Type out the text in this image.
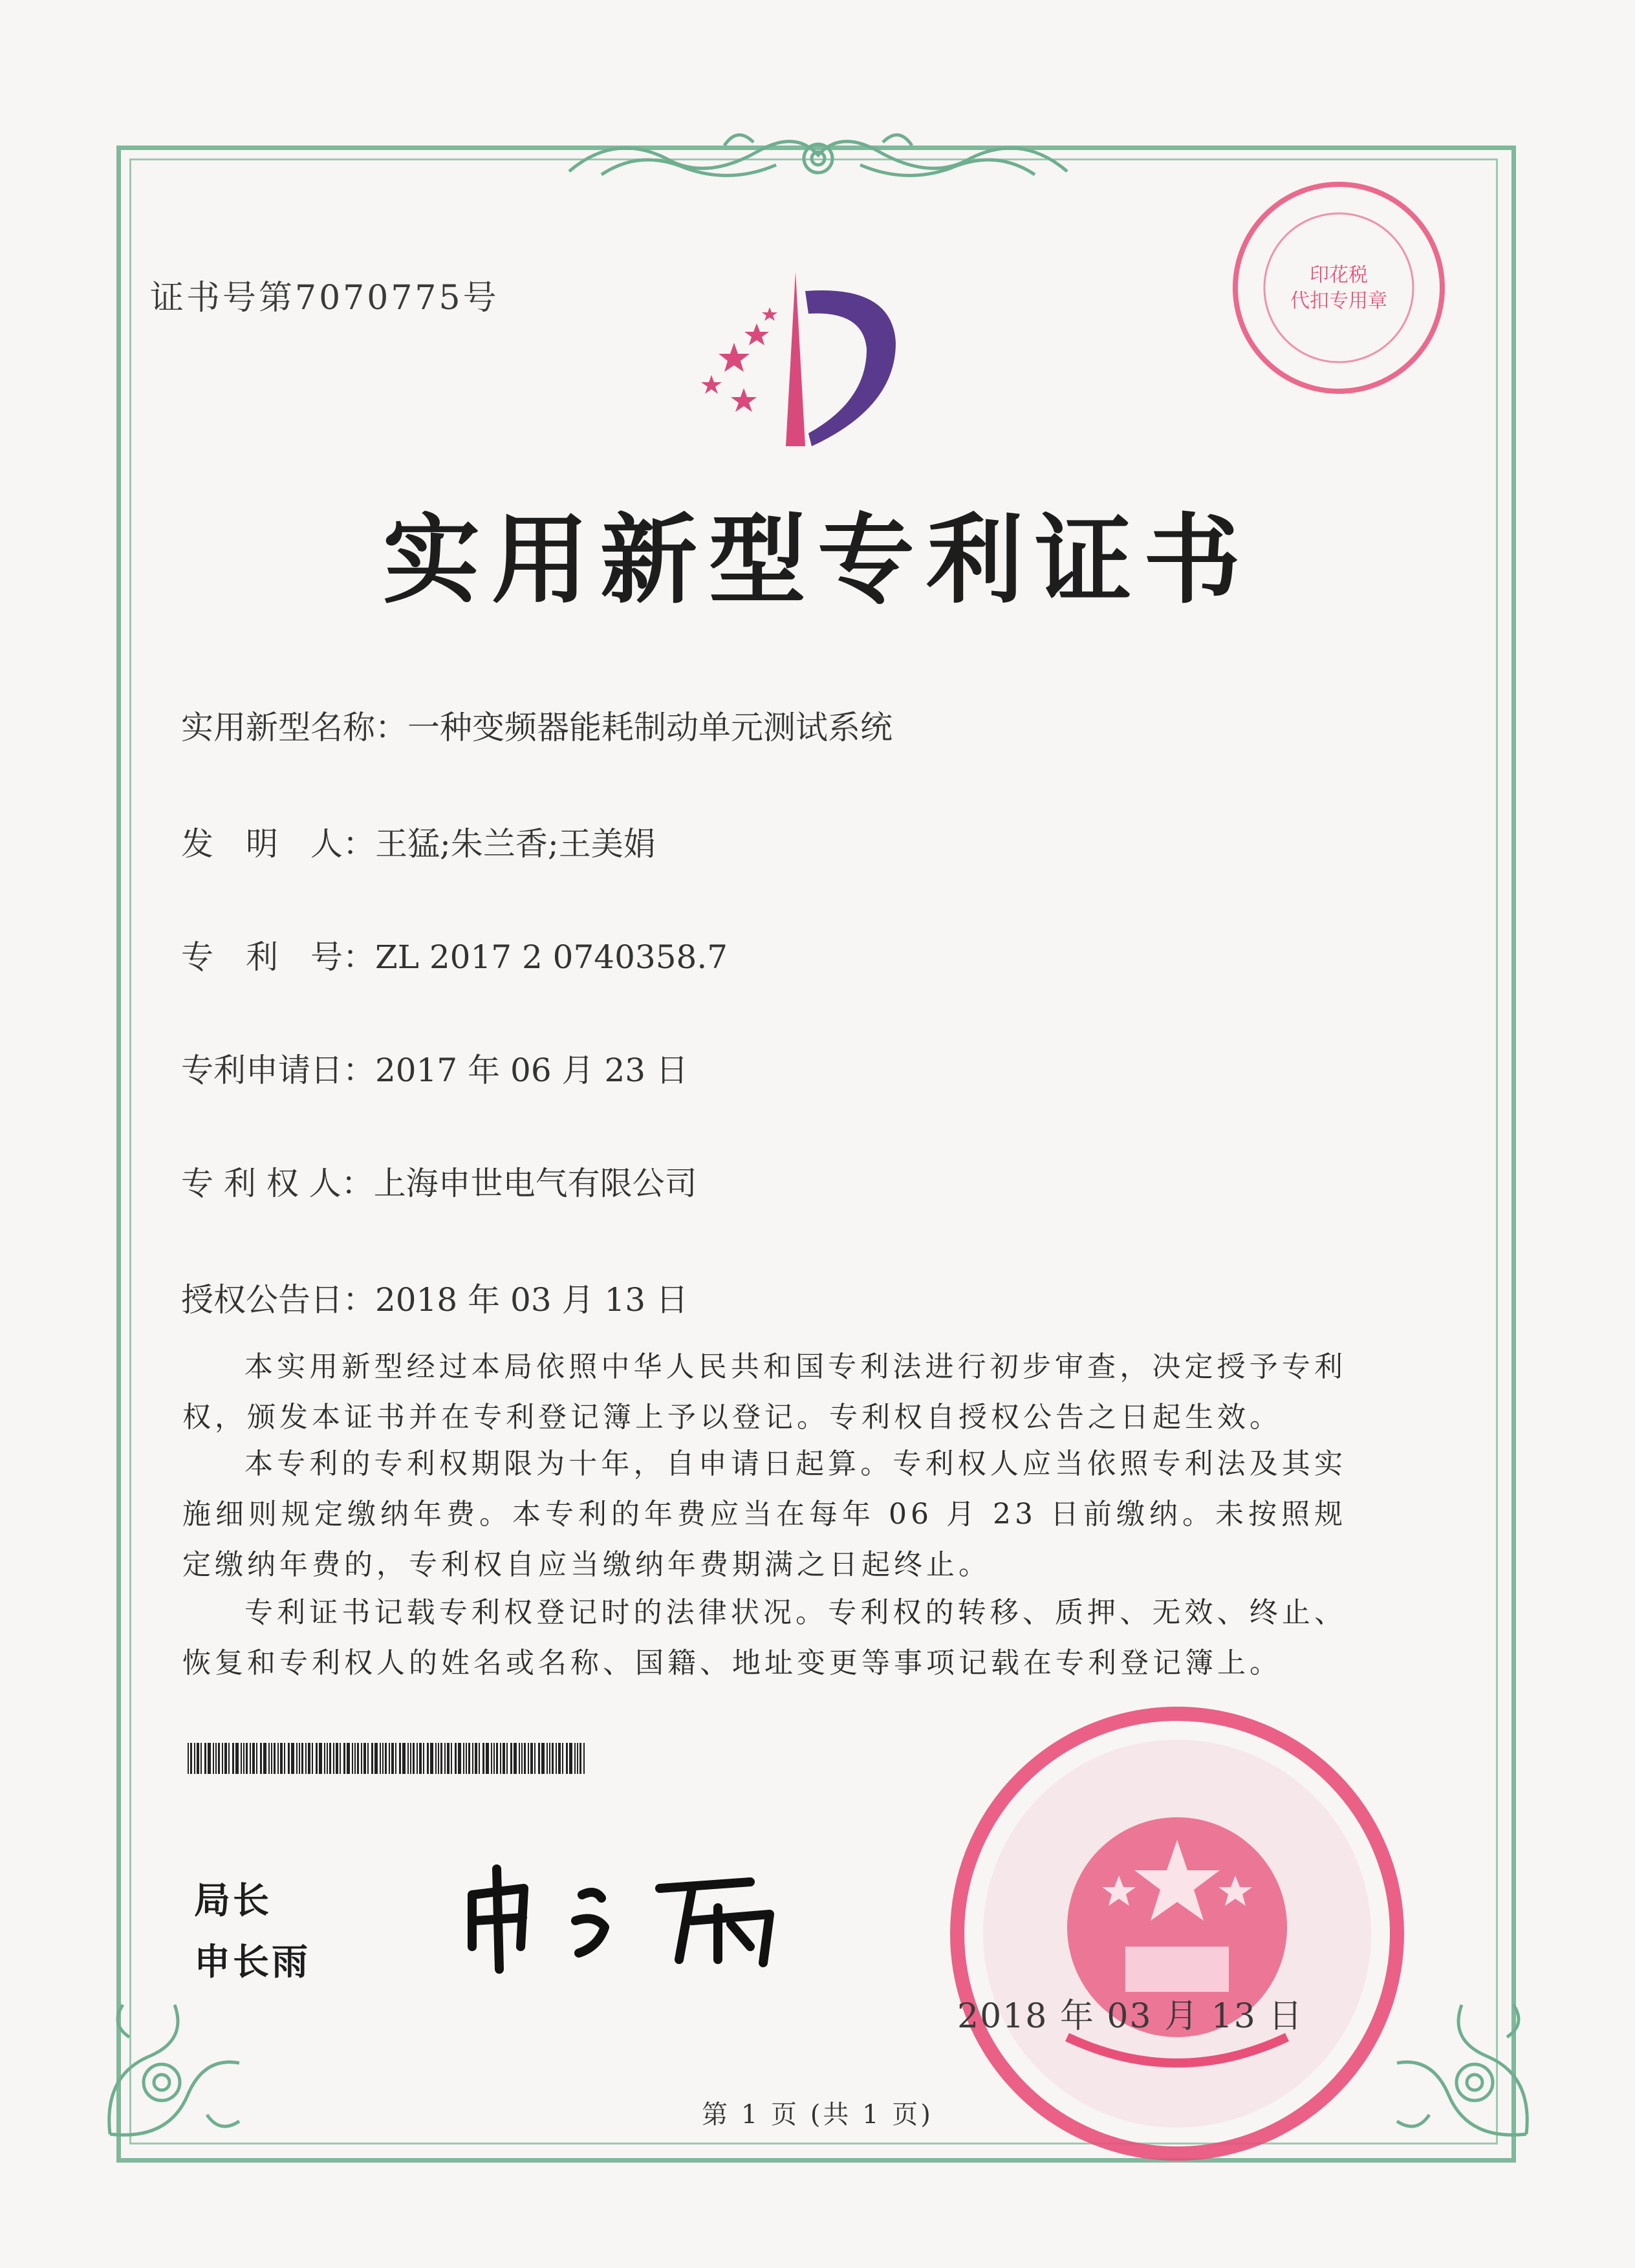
证书号第7070775号
印花税
代扣专用章
实用新型专利证书
实用新型名称：一种变频器能耗制动单元测试系统
发　明　人：王猛;朱兰香;王美娟
专　利　号：ZL 2017 2 0740358.7
专利申请日：2017 年 06 月 23 日
专 利 权 人：上海申世电气有限公司
授权公告日：2018 年 03 月 13 日
本实用新型经过本局依照中华人民共和国专利法进行初步审查，决定授予专利权，颁发本证书并在专利登记簿上予以登记。专利权自授权公告之日起生效。
本专利的专利权期限为十年，自申请日起算。专利权人应当依照专利法及其实施细则规定缴纳年费。本专利的年费应当在每年 06 月 23 日前缴纳。未按照规定缴纳年费的，专利权自应当缴纳年费期满之日起终止。
专利证书记载专利权登记时的法律状况。专利权的转移、质押、无效、终止、恢复和专利权人的姓名或名称、国籍、地址变更等事项记载在专利登记簿上。
局长
申长雨
2018 年 03 月 13 日
第 1 页 (共 1 页)
